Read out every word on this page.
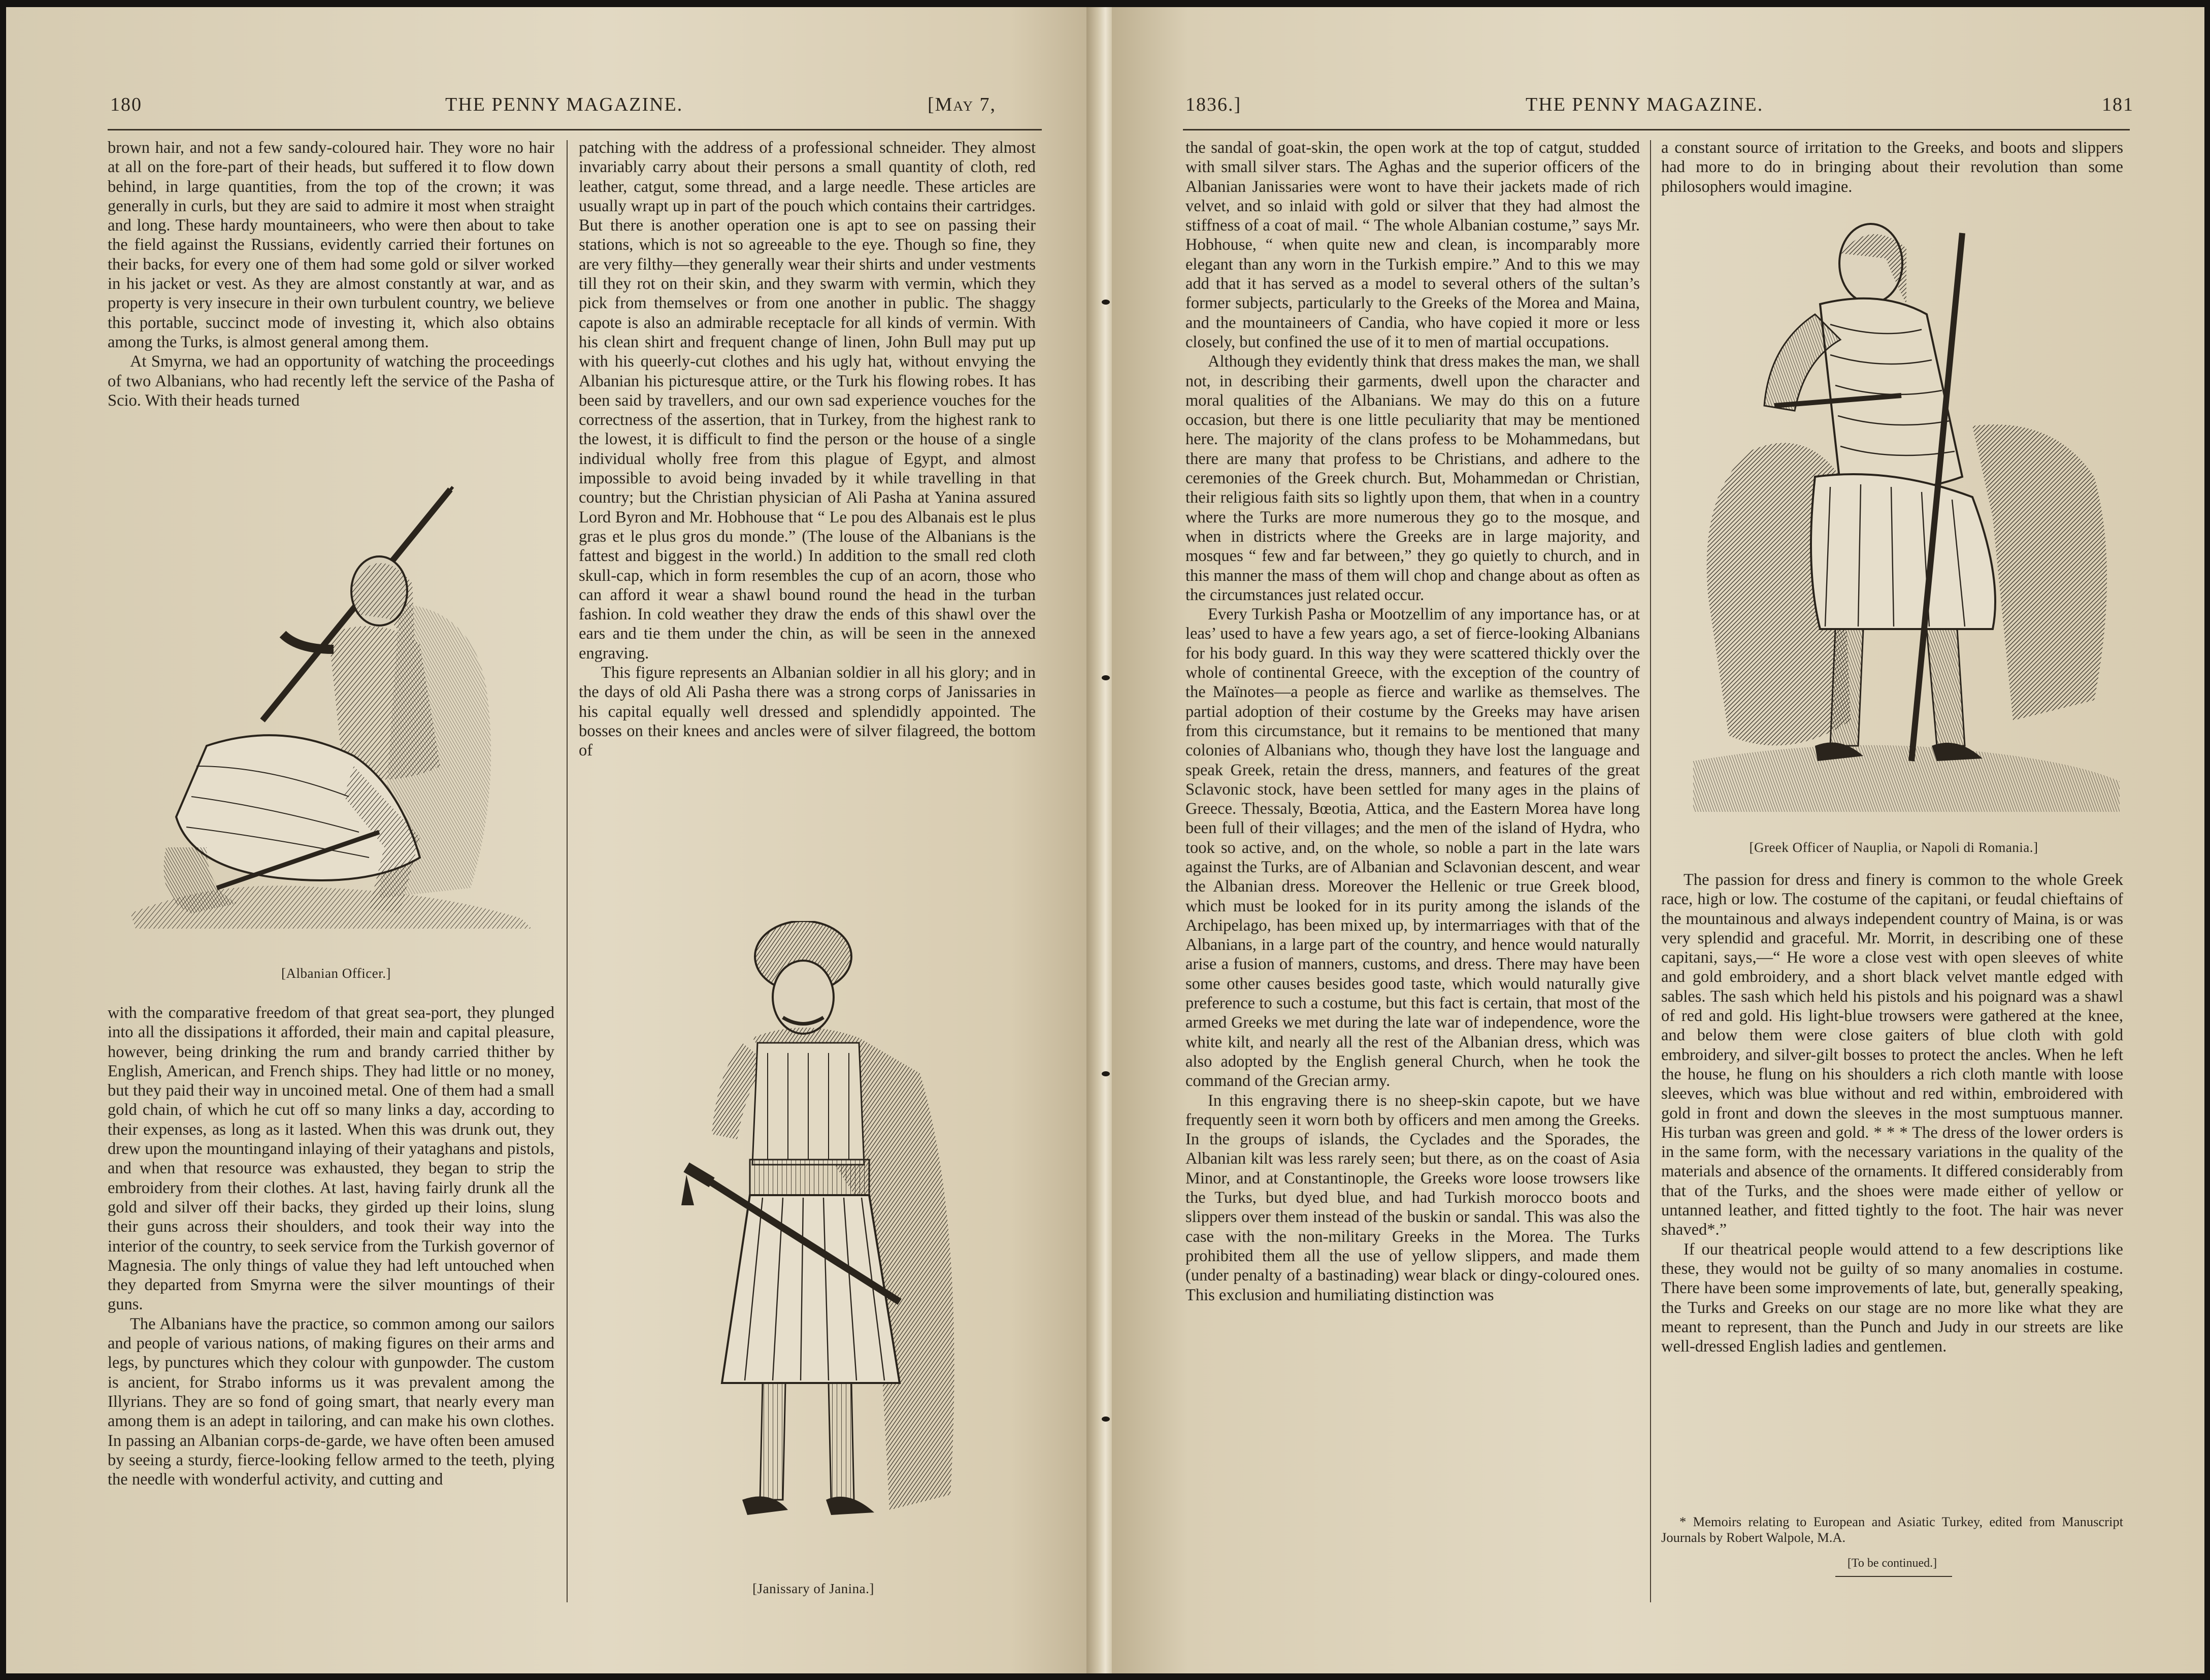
180	THE PENNY MAGAZINE.	[May 7,

brown hair, and not a few sandy-coloured hair. They wore no hair at all on the fore-part of their heads, but suffered it to flow down behind, in large quantities, from the top of the crown; it was generally in curls, but they are said to admire it most when straight and long. These hardy mountaineers, who were then about to take the field against the Russians, evidently carried their fortunes on their backs, for every one of them had some gold or silver worked in his jacket or vest. As they are almost constantly at war, and as property is very insecure in their own turbulent country, we believe this portable, succinct mode of investing it, which also obtains among the Turks, is almost general among them.

At Smyrna, we had an opportunity of watching the proceedings of two Albanians, who had recently left the service of the Pasha of Scio. With their heads turned

[Albanian Officer.]

with the comparative freedom of that great sea-port, they plunged into all the dissipations it afforded, their main and capital pleasure, however, being drinking the rum and brandy carried thither by English, American, and French ships. They had little or no money, but they paid their way in uncoined metal. One of them had a small gold chain, of which he cut off so many links a day, according to their expenses, as long as it lasted. When this was drunk out, they drew upon the mountingand inlaying of their yataghans and pistols, and when that resource was exhausted, they began to strip the embroidery from their clothes. At last, having fairly drunk all the gold and silver off their backs, they girded up their loins, slung their guns across their shoulders, and took their way into the interior of the country, to seek service from the Turkish governor of Magnesia. The only things of value they had left untouched when they departed from Smyrna were the silver mountings of their guns.

The Albanians have the practice, so common among our sailors and people of various nations, of making figures on their arms and legs, by punctures which they colour with gunpowder. The custom is ancient, for Strabo informs us it was prevalent among the Illyrians. They are so fond of going smart, that nearly every man among them is an adept in tailoring, and can make his own clothes. In passing an Albanian corps-de-garde, we have often been amused by seeing a sturdy, fierce-looking fellow armed to the teeth, plying the needle with wonderful activity, and cutting and

patching with the address of a professional schneider. They almost invariably carry about their persons a small quantity of cloth, red leather, catgut, some thread, and a large needle. These articles are usually wrapt up in part of the pouch which contains their cartridges. But there is another operation one is apt to see on passing their stations, which is not so agreeable to the eye. Though so fine, they are very filthy—they generally wear their shirts and under vestments till they rot on their skin, and they swarm with vermin, which they pick from themselves or from one another in public. The shaggy capote is also an admirable receptacle for all kinds of vermin. With his clean shirt and frequent change of linen, John Bull may put up with his queerly-cut clothes and his ugly hat, without envying the Albanian his picturesque attire, or the Turk his flowing robes. It has been said by travellers, and our own sad experience vouches for the correctness of the assertion, that in Turkey, from the highest rank to the lowest, it is difficult to find the person or the house of a single individual wholly free from this plague of Egypt, and almost impossible to avoid being invaded by it while travelling in that country; but the Christian physician of Ali Pasha at Yanina assured Lord Byron and Mr. Hobhouse that “ Le pou des Albanais est le plus gras et le plus gros du monde.” (The louse of the Albanians is the fattest and biggest in the world.) In addition to the small red cloth skull-cap, which in form resembles the cup of an acorn, those who can afford it wear a shawl bound round the head in the turban fashion. In cold weather they draw the ends of this shawl over the ears and tie them under the chin, as will be seen in the annexed engraving.

This figure represents an Albanian soldier in all his glory; and in the days of old Ali Pasha there was a strong corps of Janissaries in his capital equally well dressed and splendidly appointed. The bosses on their knees and ancles were of silver filagreed, the bottom of

[Janissary of Janina.]
1836.]	THE PENNY MAGAZINE.	181

the sandal of goat-skin, the open work at the top of catgut, studded with small silver stars. The Aghas and the superior officers of the Albanian Janissaries were wont to have their jackets made of rich velvet, and so inlaid with gold or silver that they had almost the stiffness of a coat of mail. “ The whole Albanian costume,” says Mr. Hobhouse, “ when quite new and clean, is incomparably more elegant than any worn in the Turkish empire.” And to this we may add that it has served as a model to several others of the sultan’s former subjects, particularly to the Greeks of the Morea and Maina, and the mountaineers of Candia, who have copied it more or less closely, but confined the use of it to men of martial occupations.

Although they evidently think that dress makes the man, we shall not, in describing their garments, dwell upon the character and moral qualities of the Albanians. We may do this on a future occasion, but there is one little peculiarity that may be mentioned here. The majority of the clans profess to be Mohammedans, but there are many that profess to be Christians, and adhere to the ceremonies of the Greek church. But, Mohammedan or Christian, their religious faith sits so lightly upon them, that when in a country where the Turks are more numerous they go to the mosque, and when in districts where the Greeks are in large majority, and mosques “ few and far between,” they go quietly to church, and in this manner the mass of them will chop and change about as often as the circumstances just related occur.

Every Turkish Pasha or Mootzellim of any importance has, or at leas’ used to have a few years ago, a set of fierce-looking Albanians for his body guard. In this way they were scattered thickly over the whole of continental Greece, with the exception of the country of the Maïnotes—a people as fierce and warlike as themselves. The partial adoption of their costume by the Greeks may have arisen from this circumstance, but it remains to be mentioned that many colonies of Albanians who, though they have lost the language and speak Greek, retain the dress, manners, and features of the great Sclavonic stock, have been settled for many ages in the plains of Greece. Thessaly, Bœotia, Attica, and the Eastern Morea have long been full of their villages; and the men of the island of Hydra, who took so active, and, on the whole, so noble a part in the late wars against the Turks, are of Albanian and Sclavonian descent, and wear the Albanian dress. Moreover the Hellenic or true Greek blood, which must be looked for in its purity among the islands of the Archipelago, has been mixed up, by intermarriages with that of the Albanians, in a large part of the country, and hence would naturally arise a fusion of manners, customs, and dress. There may have been some other causes besides good taste, which would naturally give preference to such a costume, but this fact is certain, that most of the armed Greeks we met during the late war of independence, wore the white kilt, and nearly all the rest of the Albanian dress, which was also adopted by the English general Church, when he took the command of the Grecian army.

In this engraving there is no sheep-skin capote, but we have frequently seen it worn both by officers and men among the Greeks. In the groups of islands, the Cyclades and the Sporades, the Albanian kilt was less rarely seen; but there, as on the coast of Asia Minor, and at Constantinople, the Greeks wore loose trowsers like the Turks, but dyed blue, and had Turkish morocco boots and slippers over them instead of the buskin or sandal. This was also the case with the non-military Greeks in the Morea. The Turks prohibited them all the use of yellow slippers, and made them (under penalty of a bastinading) wear black or dingy-coloured ones. This exclusion and humiliating distinction was

a constant source of irritation to the Greeks, and boots and slippers had more to do in bringing about their revolution than some philosophers would imagine.

[Greek Officer of Nauplia, or Napoli di Romania.]

The passion for dress and finery is common to the whole Greek race, high or low. The costume of the capitani, or feudal chieftains of the mountainous and always independent country of Maina, is or was very splendid and graceful. Mr. Morrit, in describing one of these capitani, says,—“ He wore a close vest with open sleeves of white and gold embroidery, and a short black velvet mantle edged with sables. The sash which held his pistols and his poignard was a shawl of red and gold. His light-blue trowsers were gathered at the knee, and below them were close gaiters of blue cloth with gold embroidery, and silver-gilt bosses to protect the ancles. When he left the house, he flung on his shoulders a rich cloth mantle with loose sleeves, which was blue without and red within, embroidered with gold in front and down the sleeves in the most sumptuous manner. His turban was green and gold. * * * The dress of the lower orders is in the same form, with the necessary variations in the quality of the materials and absence of the ornaments. It differed considerably from that of the Turks, and the shoes were made either of yellow or untanned leather, and fitted tightly to the foot. The hair was never shaved*.”

If our theatrical people would attend to a few descriptions like these, they would not be guilty of so many anomalies in costume. There have been some improvements of late, but, generally speaking, the Turks and Greeks on our stage are no more like what they are meant to represent, than the Punch and Judy in our streets are like well-dressed English ladies and gentlemen.

* Memoirs relating to European and Asiatic Turkey, edited from Manuscript Journals by Robert Walpole, M.A.

[To be continued.]
